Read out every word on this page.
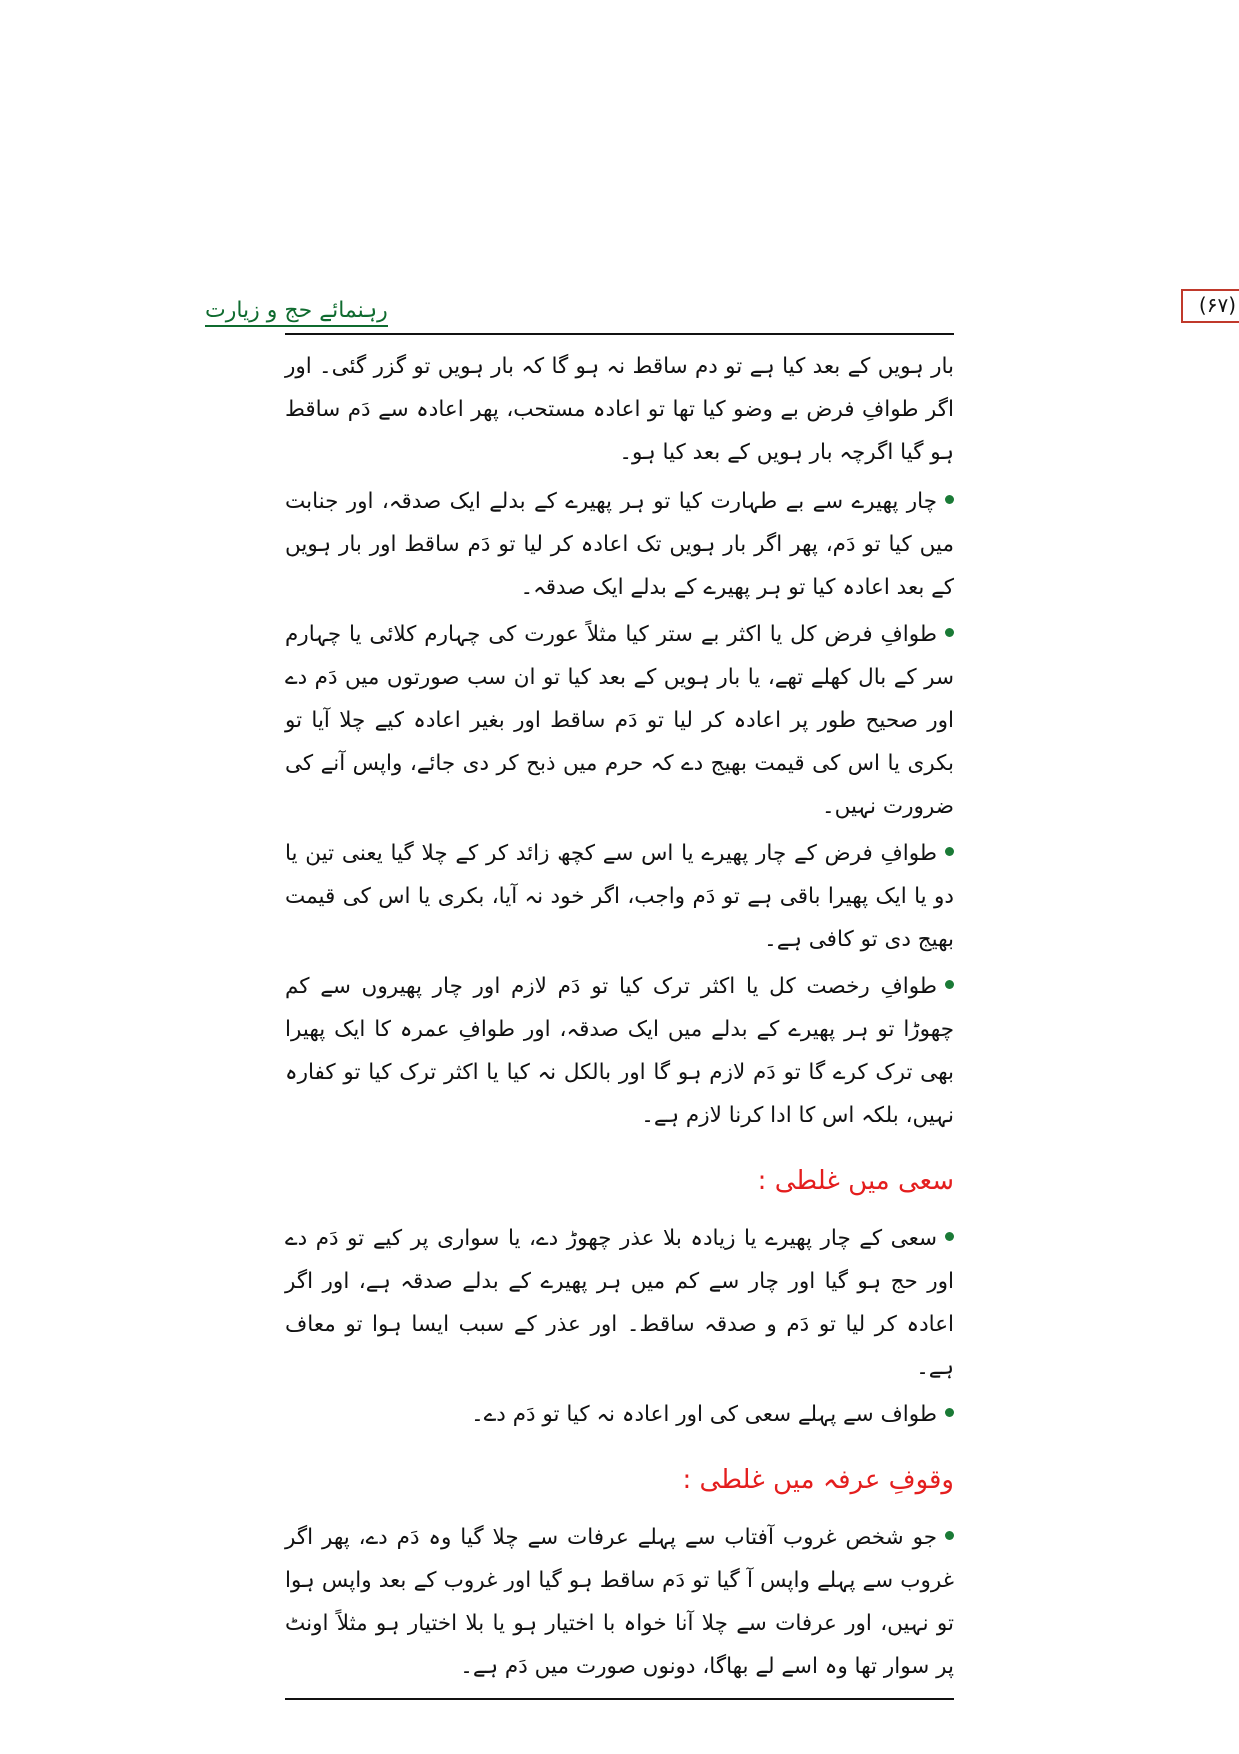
رہنمائے حج و زیارت	(۶۷)

بار ہویں کے بعد کیا ہے تو دم ساقط نہ ہو گا کہ بار ہویں تو گزر گئی۔ اور اگر طوافِ فرض بے وضو کیا تھا تو اعادہ مستحب، پھر اعادہ سے دَم ساقط ہو گیا اگرچہ بار ہویں کے بعد کیا ہو۔

چار پھیرے سے بے طہارت کیا تو ہر پھیرے کے بدلے ایک صدقہ، اور جنابت میں کیا تو دَم، پھر اگر بار ہویں تک اعادہ کر لیا تو دَم ساقط اور بار ہویں کے بعد اعادہ کیا تو ہر پھیرے کے بدلے ایک صدقہ۔
طوافِ فرض کل یا اکثر بے ستر کیا مثلاً عورت کی چہارم کلائی یا چہارم سر کے بال کھلے تھے، یا بار ہویں کے بعد کیا تو ان سب صورتوں میں دَم دے اور صحیح طور پر اعادہ کر لیا تو دَم ساقط اور بغیر اعادہ کیے چلا آیا تو بکری یا اس کی قیمت بھیج دے کہ حرم میں ذبح کر دی جائے، واپس آنے کی ضرورت نہیں۔
طوافِ فرض کے چار پھیرے یا اس سے کچھ زائد کر کے چلا گیا یعنی تین یا دو یا ایک پھیرا باقی ہے تو دَم واجب، اگر خود نہ آیا، بکری یا اس کی قیمت بھیج دی تو کافی ہے۔
طوافِ رخصت کل یا اکثر ترک کیا تو دَم لازم اور چار پھیروں سے کم چھوڑا تو ہر پھیرے کے بدلے میں ایک صدقہ، اور طوافِ عمرہ کا ایک پھیرا بھی ترک کرے گا تو دَم لازم ہو گا اور بالکل نہ کیا یا اکثر ترک کیا تو کفارہ نہیں، بلکہ اس کا ادا کرنا لازم ہے۔
سعی میں غلطی :
سعی کے چار پھیرے یا زیادہ بلا عذر چھوڑ دے، یا سواری پر کیے تو دَم دے اور حج ہو گیا اور چار سے کم میں ہر پھیرے کے بدلے صدقہ ہے، اور اگر اعادہ کر لیا تو دَم و صدقہ ساقط۔ اور عذر کے سبب ایسا ہوا تو معاف ہے۔
طواف سے پہلے سعی کی اور اعادہ نہ کیا تو دَم دے۔
وقوفِ عرفہ میں غلطی :
جو شخص غروب آفتاب سے پہلے عرفات سے چلا گیا وہ دَم دے، پھر اگر غروب سے پہلے واپس آ گیا تو دَم ساقط ہو گیا اور غروب کے بعد واپس ہوا تو نہیں، اور عرفات سے چلا آنا خواہ با اختیار ہو یا بلا اختیار ہو مثلاً اونٹ پر سوار تھا وہ اسے لے بھاگا، دونوں صورت میں دَم ہے۔
